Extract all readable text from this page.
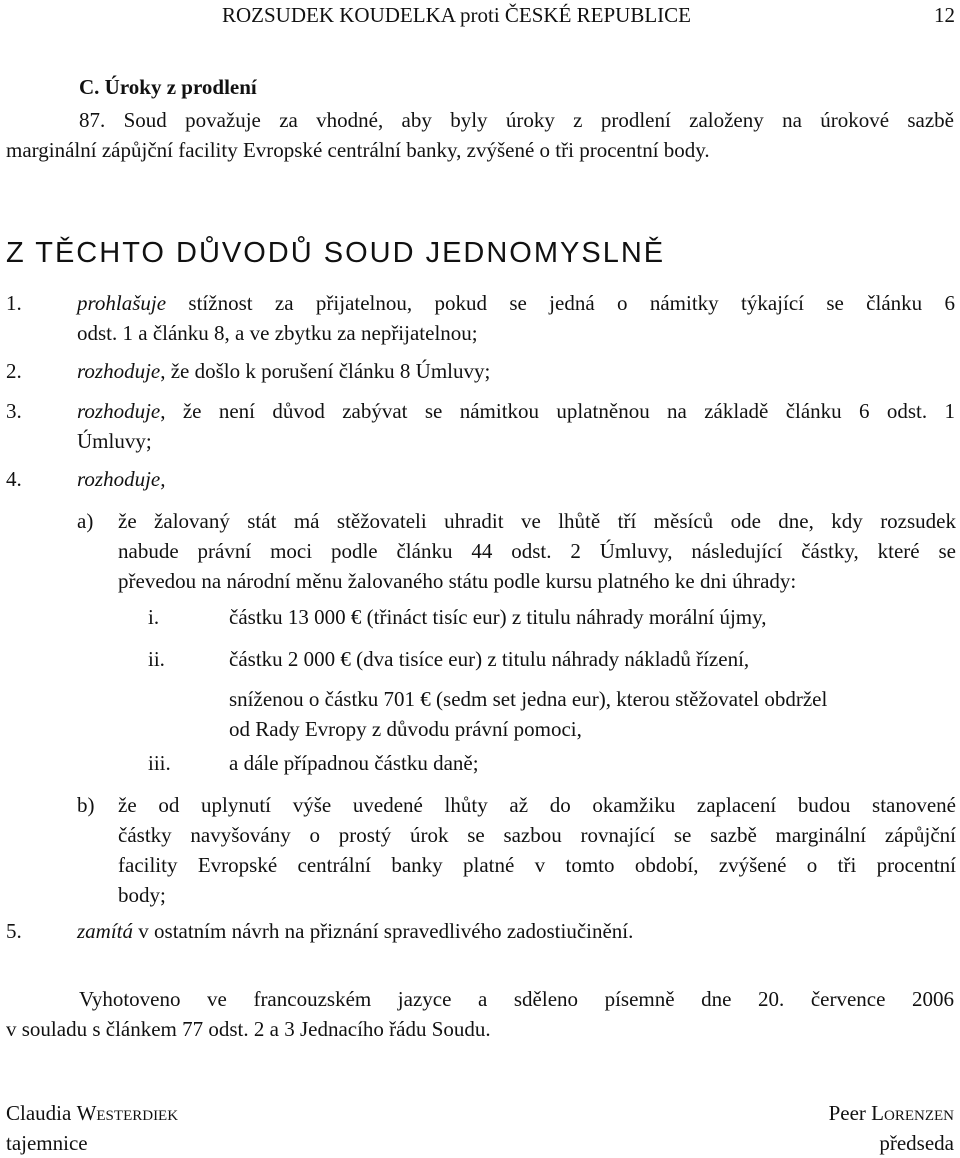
ROZSUDEK KOUDELKA proti ČESKÉ REPUBLICE	12
C. Úroky z prodlení
87. Soud považuje za vhodné, aby byly úroky z prodlení založeny na úrokové sazbě
marginální zápůjční facility Evropské centrální banky, zvýšené o tři procentní body.
Z TĚCHTO DŮVODŮ SOUD JEDNOMYSLNĚ
1.	prohlašuje stížnost za přijatelnou, pokud se jedná o námitky týkající se článku 6
odst. 1 a článku 8, a ve zbytku za nepřijatelnou;
2.	rozhoduje, že došlo k porušení článku 8 Úmluvy;
3.	rozhoduje, že není důvod zabývat se námitkou uplatněnou na základě článku 6 odst. 1
Úmluvy;
4.	rozhoduje,
a) že žalovaný stát má stěžovateli uhradit ve lhůtě tří měsíců ode dne, kdy rozsudek
nabude právní moci podle článku 44 odst. 2 Úmluvy, následující částky, které se
převedou na národní měnu žalovaného státu podle kursu platného ke dni úhrady:
i.	částku 13 000 € (třináct tisíc eur) z titulu náhrady morální újmy,
ii.	částku 2 000 € (dva tisíce eur) z titulu náhrady nákladů řízení,
sníženou o částku 701 € (sedm set jedna eur), kterou stěžovatel obdržel
od Rady Evropy z důvodu právní pomoci,
iii.	a dále případnou částku daně;
b) že od uplynutí výše uvedené lhůty až do okamžiku zaplacení budou stanovené
částky navyšovány o prostý úrok se sazbou rovnající se sazbě marginální zápůjční
facility Evropské centrální banky platné v tomto období, zvýšené o tři procentní
body;
5.	zamítá v ostatním návrh na přiznání spravedlivého zadostiučinění.
Vyhotoveno ve francouzském jazyce a sděleno písemně dne 20. července 2006
v souladu s článkem 77 odst. 2 a 3 Jednacího řádu Soudu.
Claudia Westerdiek
tajemnice
Peer Lorenzen
předseda
